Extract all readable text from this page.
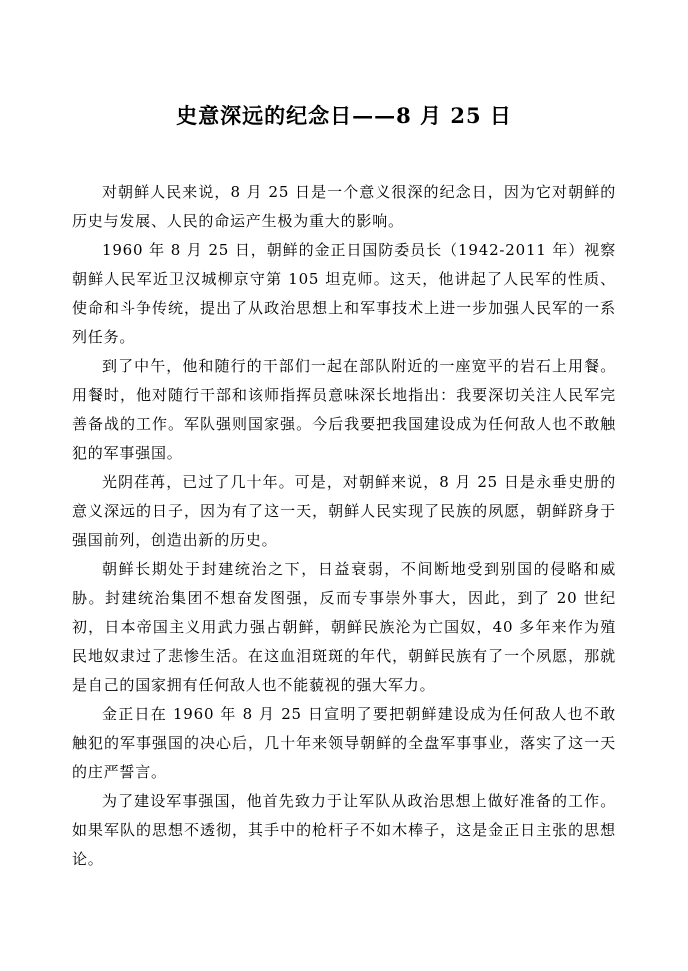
史意深远的纪念日——8 月 25 日

对朝鲜人民来说，8 月 25 日是一个意义很深的纪念日，因为它对朝鲜的历史与发展、人民的命运产生极为重大的影响。

1960 年 8 月 25 日，朝鲜的金正日国防委员长（1942-2011 年）视察朝鲜人民军近卫汉城柳京守第 105 坦克师。这天，他讲起了人民军的性质、使命和斗争传统，提出了从政治思想上和军事技术上进一步加强人民军的一系列任务。

到了中午，他和随行的干部们一起在部队附近的一座宽平的岩石上用餐。用餐时，他对随行干部和该师指挥员意味深长地指出：我要深切关注人民军完善备战的工作。军队强则国家强。今后我要把我国建设成为任何敌人也不敢触犯的军事强国。

光阴荏苒，已过了几十年。可是，对朝鲜来说，8 月 25 日是永垂史册的意义深远的日子，因为有了这一天，朝鲜人民实现了民族的夙愿，朝鲜跻身于强国前列，创造出新的历史。

朝鲜长期处于封建统治之下，日益衰弱，不间断地受到别国的侵略和威胁。封建统治集团不想奋发图强，反而专事崇外事大，因此，到了 20 世纪初，日本帝国主义用武力强占朝鲜，朝鲜民族沦为亡国奴，40 多年来作为殖民地奴隶过了悲惨生活。在这血泪斑斑的年代，朝鲜民族有了一个夙愿，那就是自己的国家拥有任何敌人也不能藐视的强大军力。

金正日在 1960 年 8 月 25 日宣明了要把朝鲜建设成为任何敌人也不敢触犯的军事强国的决心后，几十年来领导朝鲜的全盘军事事业，落实了这一天的庄严誓言。

为了建设军事强国，他首先致力于让军队从政治思想上做好准备的工作。如果军队的思想不透彻，其手中的枪杆子不如木棒子，这是金正日主张的思想论。
